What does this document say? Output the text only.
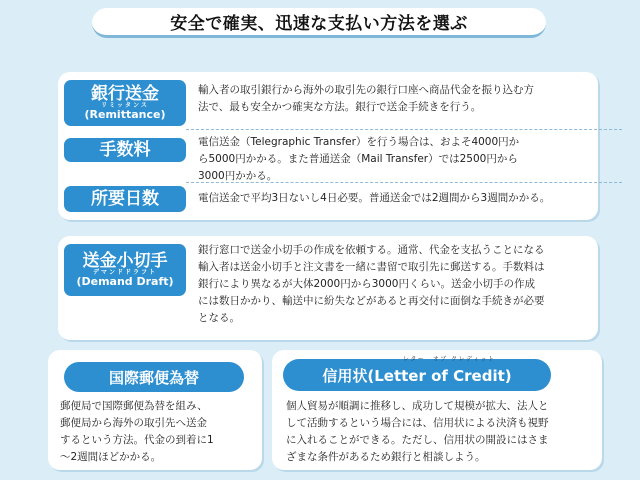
安全で確実、迅速な支払い方法を選ぶ
銀行送金
リミッタンス
(Remittance)
輸入者の取引銀行から海外の取引先の銀行口座へ商品代金を振り込む方
法で、最も安全かつ確実な方法。銀行で送金手続きを行う。
手数料	電信送金（Telegraphic Transfer）を行う場合は、およそ4000円か
ら5000円かかる。また普通送金（Mail Transfer）では2500円から
3000円かかる。
所要日数	電信送金で平均3日ないし4日必要。普通送金では2週間から3週間かかる。
送金小切手
デマンドドラフト
(Demand Draft)
銀行窓口で送金小切手の作成を依頼する。通常、代金を支払うことになる
輸入者は送金小切手と注文書を一緒に書留で取引先に郵送する。手数料は
銀行により異なるが大体2000円から3000円くらい。送金小切手の作成
には数日かかり、輸送中に紛失などがあると再交付に面倒な手続きが必要
となる。
国際郵便為替
郵便局で国際郵便為替を組み、
郵便局から海外の取引先へ送金
するという方法。代金の到着に1
〜2週間ほどかかる。
信用状(Letter of Credit)
レター　オブ クレディット
個人貿易が順調に推移し、成功して規模が拡大、法人と
して活動するという場合には、信用状による決済も視野
に入れることができる。ただし、信用状の開設にはさま
ざまな条件があるため銀行と相談しよう。
